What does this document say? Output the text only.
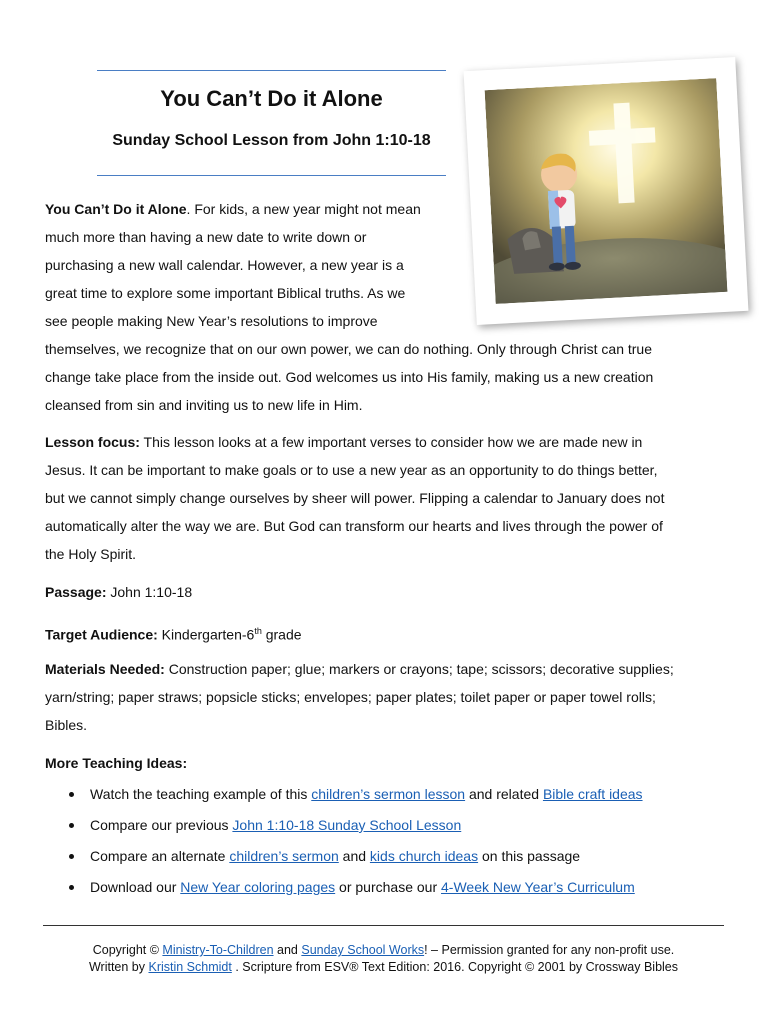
You Can’t Do it Alone
Sunday School Lesson from John 1:10-18
You Can’t Do it Alone. For kids, a new year might not mean
much more than having a new date to write down or
purchasing a new wall calendar. However, a new year is a
great time to explore some important Biblical truths. As we
see people making New Year’s resolutions to improve
themselves, we recognize that on our own power, we can do nothing. Only through Christ can true
change take place from the inside out. God welcomes us into His family, making us a new creation
cleansed from sin and inviting us to new life in Him.
Lesson focus: This lesson looks at a few important verses to consider how we are made new in
Jesus. It can be important to make goals or to use a new year as an opportunity to do things better,
but we cannot simply change ourselves by sheer will power. Flipping a calendar to January does not
automatically alter the way we are. But God can transform our hearts and lives through the power of
the Holy Spirit.
Passage: John 1:10-18
Target Audience: Kindergarten-6th grade
Materials Needed: Construction paper; glue; markers or crayons; tape; scissors; decorative supplies;
yarn/string; paper straws; popsicle sticks; envelopes; paper plates; toilet paper or paper towel rolls;
Bibles.
More Teaching Ideas:
Watch the teaching example of this children’s sermon lesson and related Bible craft ideas
Compare our previous John 1:10-18 Sunday School Lesson
Compare an alternate children’s sermon and kids church ideas on this passage
Download our New Year coloring pages or purchase our 4-Week New Year’s Curriculum
Copyright © Ministry-To-Children and Sunday School Works! – Permission granted for any non-profit use.
Written by Kristin Schmidt . Scripture from ESV® Text Edition: 2016. Copyright © 2001 by Crossway Bibles
